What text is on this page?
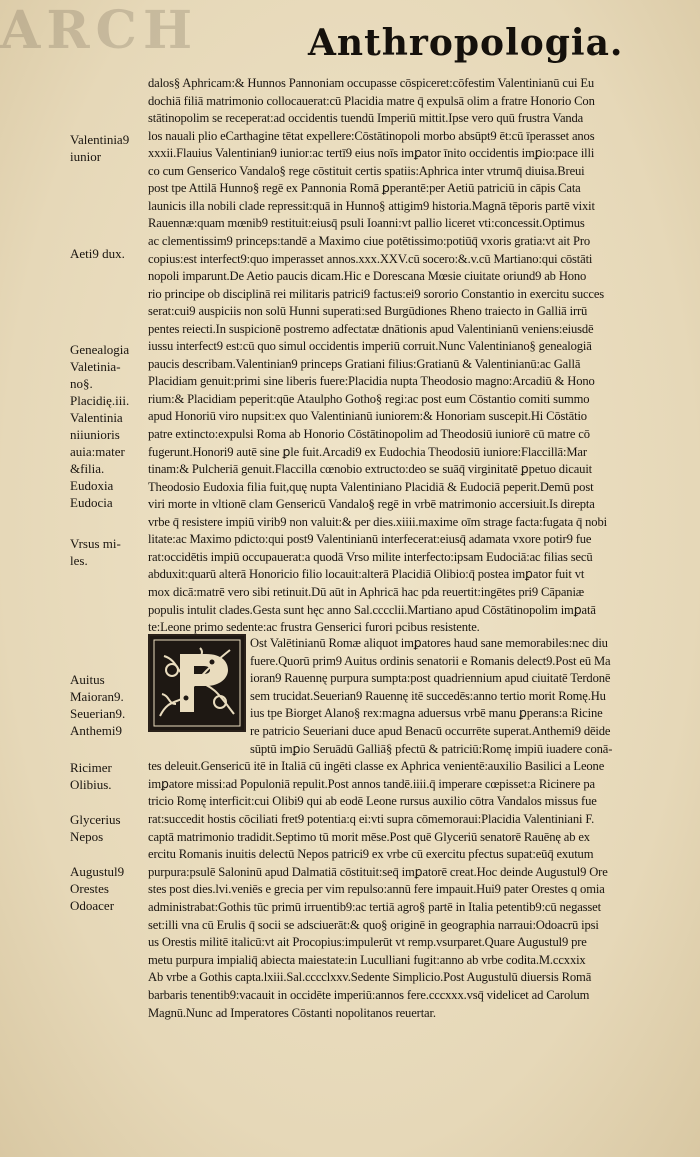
ARCH	Anthropologia.
Valentinia9
iunior
Aeti9 dux.
Genealogia
Valetinia-
no§.
Placidię.iii.
Valentinia
niiunioris
auia:mater
&filia.
Eudoxia
Eudocia
Vrsus mi-
les.
Auitus
Maioran9.
Seuerian9.
Anthemi9
Ricimer
Olibius.
Glycerius
Nepos
Augustul9
Orestes
Odoacer
dalos§ Aphricam:& Hunnos Pannoniam occupasse cōspiceret:cōfestim Valentinianū cui Eu
dochiā filiā matrimonio collocauerat:cū Placidia matre q̄ expulsā olim a fratre Honorio Con
stātinopolim se receperat:ad occidentis tuendū Imperiū mittit.Ipse vero quū frustra Vanda
los nauali plio eCarthagine tētat expellere:Cōstātinopoli morbo absūpt9 ēt:cū īperasset anos
xxxii.Flauius Valentinian9 iunior:ac tertī9 eius noīs imꝑator īnito occidentis imꝑio:pace illi
co cum Genserico Vandalo§ rege cōstituit certis spatiis:Aphrica inter vtrumq̄ diuisa.Breui
post tpe Attilā Hunno§ regē ex Pannonia Romā ꝑperantē:per Aetiū patriciū in cāpis Cata
launicis illa nobili clade repressit:quā in Hunno§ attigim9 historia.Magnā tēporis partē vixit
Rauennæ:quam mœnib9 restituit:eiusq̄ psuli Ioanni:vt pallio liceret vti:concessit.Optimus
ac clementissim9 princeps:tandē a Maximo ciue potētissimo:potiūq̄ vxoris gratia:vt ait Pro
copius:est interfect9:quo imperasset annos.xxx.XXV.cū socero:&.v.cū Martiano:qui cōstāti
nopoli imparunt.De Aetio paucis dicam.Hic e Dorescana Mœsie ciuitate oriund9 ab Hono
rio principe ob disciplinā rei militaris patrici9 factus:ei9 sororio Constantio in exercitu succes
serat:cui9 auspiciis non solū Hunni superati:sed Burgūdiones Rheno traiecto in Galliā irrū
pentes reiecti.In suspicionē postremo adfectatæ dnātionis apud Valentinianū veniens:eiusdē
iussu interfect9 est:cū quo simul occidentis imperiū corruit.Nunc Valentiniano§ genealogiā
paucis describam.Valentinian9 princeps Gratiani filius:Gratianū & Valentinianū:ac Gallā
Placidiam genuit:primi sine liberis fuere:Placidia nupta Theodosio magno:Arcadiū & Hono
rium:& Placidiam peperit:qūe Ataulpho Gotho§ regi:ac post eum Cōstantio comiti summo
apud Honoriū viro nupsit:ex quo Valentinianū iuniorem:& Honoriam suscepit.Hi Cōstātio
patre extincto:expulsi Roma ab Honorio Cōstātinopolim ad Theodosiū iuniorē cū matre cō
fugerunt.Honori9 autē sine ꝑle fuit.Arcadi9 ex Eudochia Theodosiū iuniore:Flaccillā:Mar
tinam:& Pulcheriā genuit.Flaccilla cœnobio extructo:deo se suāq̄ virginitatē ꝑpetuo dicauit
Theodosio Eudoxia filia fuit,quę nupta Valentiniano Placidiā & Eudociā peperit.Demū post
viri morte in vltionē clam Gensericū Vandalo§ regē in vrbē matrimonio accersiuit.Is direpta
vrbe q̄ resistere impiū virib9 non valuit:& per dies.xiiii.maxime oīm strage facta:fugata q̄ nobi
litate:ac Maximo pdicto:qui post9 Valentinianū interfecerat:eiusq̄ adamata vxore potir9 fue
rat:occidētis impiū occupauerat:a quodā Vrso milite interfecto:ipsam Eudociā:ac filias secū
abduxit:quarū alterā Honoricio filio locauit:alterā Placidiā Olibio:q̄ postea imꝑator fuit vt
mox dicā:matrē vero sibi retinuit.Dū aūt in Aphricā hac pda reuertit:ingētes pri9 Cāpaniæ
populis intulit clades.Gesta sunt hęc anno Sal.cccclii.Martiano apud Cōstātinopolim imꝑatā
te:Leone primo sedente:ac frustra Genserici furori pcibus resistente.
Ost Valētinianū Romæ aliquot imꝑatores haud sane memorabiles:nec diu
fuere.Quorū prim9 Auitus ordinis senatorii e Romanis delect9.Post eū Ma
ioran9 Rauennę purpura sumpta:post quadriennium apud ciuitatē Terdonē
sem trucidat.Seuerian9 Rauennę itē succedēs:anno tertio morit Romę.Hu
ius tpe Biorget Alano§ rex:magna aduersus vrbē manu ꝑperans:a Ricine
re patricio Seueriani duce apud Benacū occurrēte superat.Anthemi9 dēide
sūptū imꝑio Seruādū Galliā§ pfectū & patriciū:Romę impiū iuadere conā-
tes deleuit.Gensericū itē in Italiā cū ingēti classe ex Aphrica venientē:auxilio Basilici a Leone
imꝑatore missi:ad Populoniā repulit.Post annos tandē.iiii.q̄ imperare cœpisset:a Ricinere pa
tricio Romę interficit:cui Olibi9 qui ab eodē Leone rursus auxilio cōtra Vandalos missus fue
rat:succedit hostis cōciliati fret9 potentia:q ei:vti supra cōmemoraui:Placidia Valentiniani F.
captā matrimonio tradidit.Septimo tū morit mēse.Post quē Glyceriū senatorē Rauēnę ab ex
ercitu Romanis inuitis delectū Nepos patrici9 ex vrbe cū exercitu pfectus supat:eūq̄ exutum
purpura:psulē Saloninū apud Dalmatiā cōstituit:seq̄ imꝑatorē creat.Hoc deinde Augustul9 Ore
stes post dies.lvi.veniēs e grecia per vim repulso:annū fere impauit.Hui9 pater Orestes q omia
administrabat:Gothis tūc primū irruentib9:ac tertiā agro§ partē in Italia petentib9:cū negasset
set:illi vna cū Erulis q̄ socii se adsciuerāt:& quo§ originē in geographia narraui:Odoacrū ipsi
us Orestis militē italicū:vt ait Procopius:impulerūt vt remp.vsurparet.Quare Augustul9 pre
metu purpura impialiq̄ abiecta maiestate:in Luculliani fugit:anno ab vrbe codita.M.ccxxix
Ab vrbe a Gothis capta.lxiii.Sal.cccclxxv.Sedente Simplicio.Post Augustulū diuersis Romā
barbaris tenentib9:vacauit in occidēte imperiū:annos fere.cccxxx.vsq̄ videlicet ad Carolum
Magnū.Nunc ad Imperatores Cōstanti nopolitanos reuertar.
